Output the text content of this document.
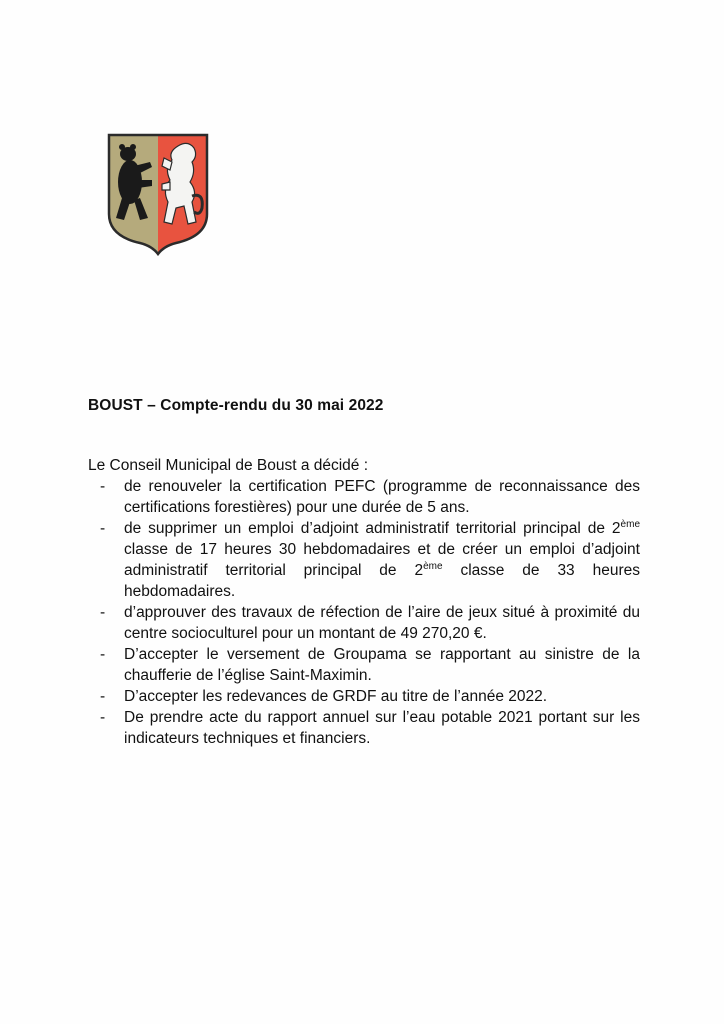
BOUST – Compte-rendu du 30 mai 2022
Le Conseil Municipal de Boust a décidé :
- de renouveler la certification PEFC (programme de reconnaissance des certifications forestières) pour une durée de 5 ans.
- de supprimer un emploi d’adjoint administratif territorial principal de 2ème classe de 17 heures 30 hebdomadaires et de créer un emploi d’adjoint administratif territorial principal de 2ème classe de 33 heures hebdomadaires.
- d’approuver des travaux de réfection de l’aire de jeux situé à proximité du centre socioculturel pour un montant de 49 270,20 €.
- D’accepter le versement de Groupama se rapportant au sinistre de la chaufferie de l’église Saint-Maximin.
- D’accepter les redevances de GRDF au titre de l’année 2022.
- De prendre acte du rapport annuel sur l’eau potable 2021 portant sur les indicateurs techniques et financiers.
